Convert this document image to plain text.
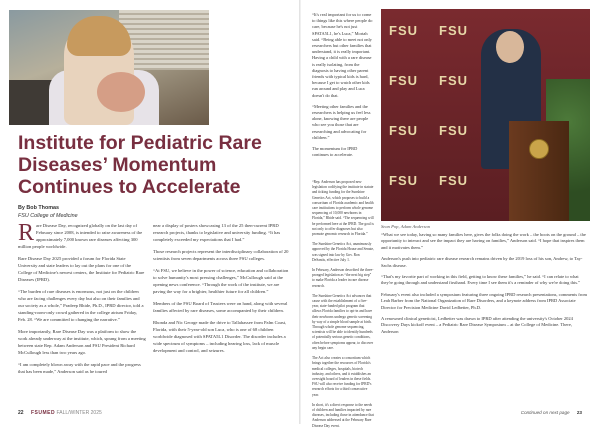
Institute for Pediatric Rare Diseases’ Momentum Continues to Accelerate
By Bob Thomas
FSU College of Medicine

Rare Disease Day, recognized globally on the last day of February since 2008, is intended to raise awareness of the approximately 7,000 known rare diseases affecting 300 million people worldwide.

Rare Disease Day 2025 provided a forum for Florida State University and state leaders to lay out the plans for one of the College of Medicine's newest centers, the Institute for Pediatric Rare Diseases (IPRD).

“The burden of rare diseases is enormous, not just on the children who are facing challenges every day but also on their families and our society as a whole,” Pradeep Bhide, Ph.D., IPRD director, told a standing-room-only crowd gathered in the college atrium Friday, Feb. 28. “We are committed to changing the narrative.”

More importantly, Rare Disease Day was a platform to show the work already underway at the institute, which, sprang from a meeting between state Rep. Adam Anderson and FSU President Richard McCullough less than two years ago.

“I am completely blown away with the rapid pace and the progress that has been made,” Anderson said as he toured

near a display of posters showcasing 13 of the 25 then-current IPRD research projects, thanks to legislative and university funding. “It has completely exceeded my expectations that I had.”

Those research projects represent the interdisciplinary collaboration of 20 scientists from seven departments across three FSU colleges.

“At FSU, we believe in the power of science, education and collaboration to solve humanity's most pressing challenges,” McCullough said at the opening news conference. “Through the work of the institute, we are paving the way for a brighter, healthier future for all children.”

Members of the FSU Board of Trustees were on hand, along with several families affected by rare diseases, some accompanied by their children.

Rhonda and Nic George made the drive to Tallahassee from Palm Coast, Florida, with their 5-year-old son Luca, who is one of 68 children worldwide diagnosed with SPATA5L1 Disorder. The disorder includes a wide spectrum of symptoms – including hearing loss, lack of muscle development and control, and seizures.

“It's real important for us to come to things like this where people do care, because he's not just SPATA5L1, he's Luca,” Mortah said. “Being able to meet not only researchers but other families that understand, it is really important. Having a child with a rare disease is really isolating, from the diagnosis to having other parent friends with typical kids is hard, because I get to watch other kids run around and play and Luca doesn't do that.

“Meeting other families and the researchers is helping us feel less alone, knowing there are people who see you those that are researching and advocating for children.”

The momentum for IPRD continues to accelerate.

“Rep. Anderson has proposed new legislation codifying the institute in statute and ticking funding for the Sunshine Genetics Act, which proposes to build a consortium of Florida academic and health care institutions to perform whole genome sequencing of 10,000 newborns in Florida,” Bhide said. “The sequencing will be performed here at the IPRD. The goal is not only to offer diagnoses but also promote genomic research in Florida.”

The Sunshine Genetics Act, unanimously approved by the Florida House and Senate, was signed into law by Gov. Ron DeSantis, effective July 1.

In February, Anderson described the three-pronged legislation as “the next big step” to make Florida a leader in rare disease research.

The Sunshine Genetics Act advances that cause with the establishment of a five-year, state-funded pilot program that allows Florida families to opt-in and have their newborns undergo genetic screening by way of a simple blood sample at birth. Through whole genome sequencing, scientists will be able to identify hundreds of potentially serious genetic conditions, often before symptoms appear, to discover any begin care.

The Act also creates a consortium which brings together the resources of Florida's medical colleges, hospitals, biotech industry, and others, and it establishes an oversight board of leaders in these fields. FSU will also receive funding for IPRD's research efforts for a third consecutive year.

In short, it's a direct response to the needs of children and families impacted by rare diseases, including those in attendance that Anderson addressed at the February Rare Disease Day event.

FSU FSU
FSU FSU
FSU FSU
FSU FSU
Sean Pop, Adam Anderson

“What we see today, having so many families here, gives the folks doing the work – the boots on the ground – the opportunity to interact and see the impact they are having on families,” Anderson said. “I hope that inspires them and it motivates them.”

Anderson's push into pediatric rare disease research remains driven by the 2019 loss of his son, Andrew, to Tay-Sachs disease.

“That's my favorite part of working in this field, getting to know these families,” he said. “I can relate to what they're going through and understand firsthand. Every time I see them it's a reminder of why we're doing this.”

February's event also included a symposium featuring three ongoing IPRD research presentations, comments from Leah Barber from the National Organization of Rare Disorders, and a keynote address from IPRD Associate Director for Precision Medicine David Ledbetter, Ph.D.

A renowned clinical geneticist, Ledbetter was drawn to IPRD after attending the university's October 2024 Discovery Days kickoff event – a Pediatric Rare Disease Symposium – at the College of Medicine. There, Anderson

22 FSUMED FALL/WINTER 2025	Continued on next page 23
